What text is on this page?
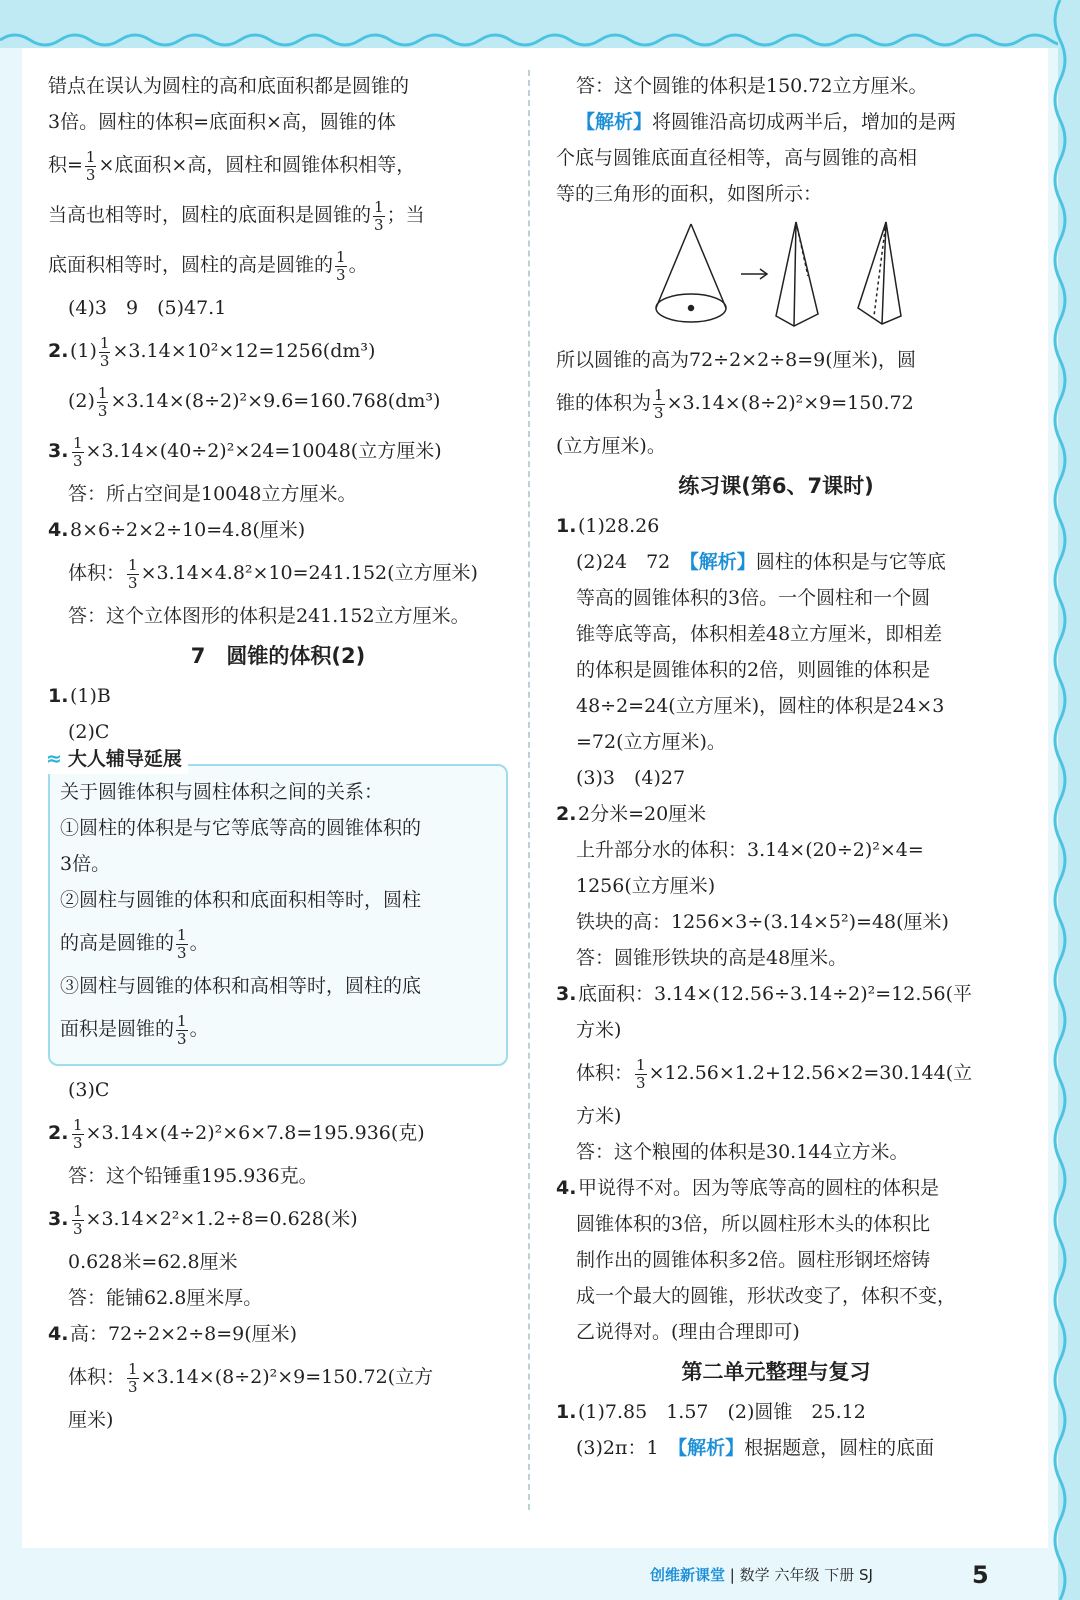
错点在误认为圆柱的高和底面积都是圆锥的
3倍。圆柱的体积=底面积×高，圆锥的体
积= $\frac{1}{3}$ ×底面积×高，圆柱和圆锥体积相等，
当高也相等时，圆柱的底面积是圆锥的 $\frac{1}{3}$ ；当
底面积相等时，圆柱的高是圆锥的 $\frac{1}{3}$ 。
(4)3　9　(5)47.1
$2.(1) \frac{1}{3} \times 3.14\times 10^2\times 12=1256(dm^3)$
$(2) \frac{1}{3} \times 3.14\times(8\div 2)^2\times 9.6=160.768(dm^3)$
3. $\frac{1}{3} \times 3.14\times(40\div 2)^2\times 24=10048$(立方厘米)
答：所占空间是10048立方厘米。
4.8×6÷2×2÷10=4.8(厘米)
体积： $\frac{1}{3} \times 3.14\times 4.8^2\times 10=241.152$(立方厘米)
答：这个立体图形的体积是241.152立方厘米。
7　圆锥的体积(2)
1.(1)B
(2)C
≈ 大人辅导延展
关于圆锥体积与圆柱体积之间的关系：
①圆柱的体积是与它等底等高的圆锥体积的
3倍。
②圆柱与圆锥的体积和底面积相等时，圆柱
的高是圆锥的 $\frac{1}{3}$ 。
③圆柱与圆锥的体积和高相等时，圆柱的底
面积是圆锥的 $\frac{1}{3}$ 。
(3)C
2. $\frac{1}{3} \times 3.14\times(4\div 2)^2\times 6\times 7.8=195.936$(克)
答：这个铅锤重195.936克。
3. $\frac{1}{3} \times 3.14\times 2^2\times 1.2\div 8=0.628$(米)
0.628米=62.8厘米
答：能铺62.8厘米厚。
4.高：72÷2×2÷8=9(厘米)
体积： $\frac{1}{3} \times 3.14\times(8\div 2)^2\times 9=150.72$(立方
厘米)
答：这个圆锥的体积是150.72立方厘米。
【解析】将圆锥沿高切成两半后，增加的是两
个底与圆锥底面直径相等，高与圆锥的高相
等的三角形的面积，如图所示：
所以圆锥的高为72÷2×2÷8=9(厘米)，圆
锥的体积为 $\frac{1}{3} \times 3.14\times(8\div 2)^2\times 9=150.72$
(立方厘米)。
练习课(第6、7课时)
1.(1)28.26
(2)24　72　 【解析】圆柱的体积是与它等底
等高的圆锥体积的3倍。一个圆柱和一个圆
锥等底等高，体积相差48立方厘米，即相差
的体积是圆锥体积的2倍，则圆锥的体积是
48÷2=24(立方厘米)，圆柱的体积是24×3
=72(立方厘米)。
(3)3　(4)27
2.2分米=20厘米
上升部分水的体积：3.14×(20÷2)²×4=
1256(立方厘米)
铁块的高：1256×3÷(3.14×5²)=48(厘米)
答：圆锥形铁块的高是48厘米。
3.底面积：3.14×(12.56÷3.14÷2)²=12.56(平
方米)
体积： $\frac{1}{3} \times 12.56\times 1.2+12.56\times 2=30.144$(立
方米)
答：这个粮囤的体积是30.144立方米。
4.甲说得不对。因为等底等高的圆柱的体积是
圆锥体积的3倍，所以圆柱形木头的体积比
制作出的圆锥体积多2倍。圆柱形钢坯熔铸
成一个最大的圆锥，形状改变了，体积不变，
乙说得对。(理由合理即可)
第二单元整理与复习
1.(1)7.85　1.57　(2)圆锥　25.12
(3)2π：1　 【解析】根据题意，圆柱的底面
创维新课堂 | 数学 六年级 下册 SJ	5
